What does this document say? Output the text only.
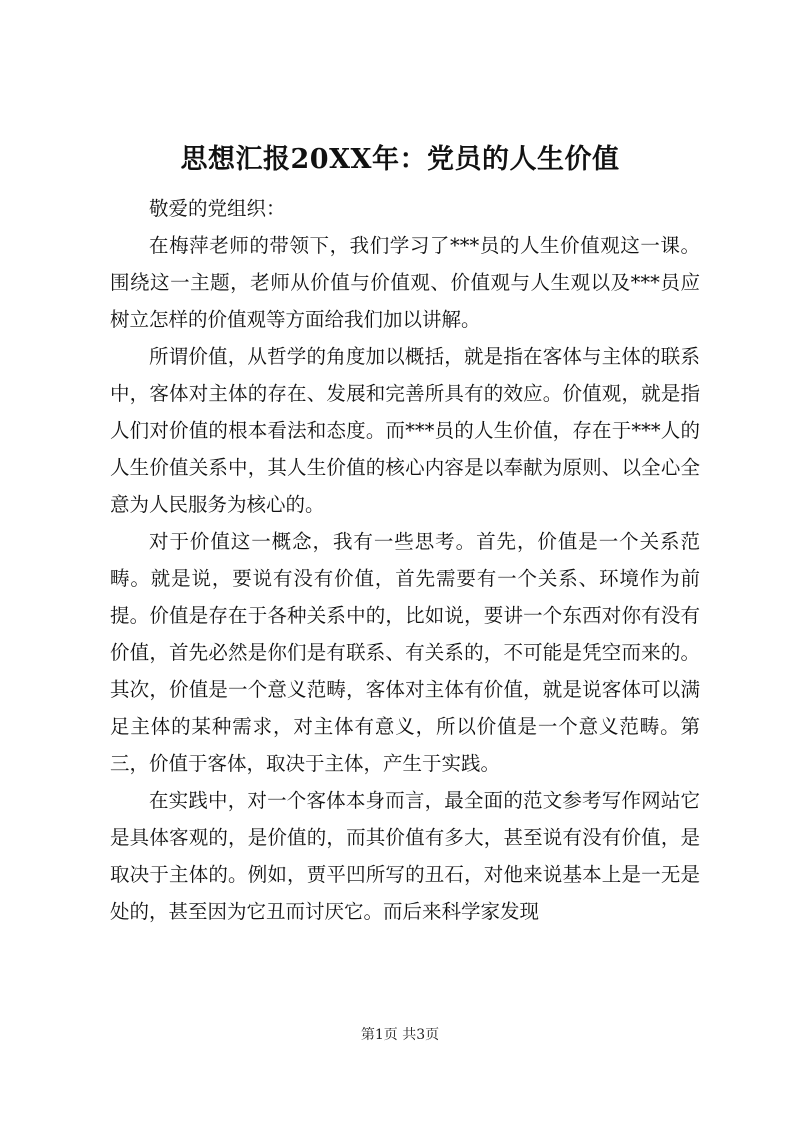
思想汇报20XX年：党员的人生价值

敬爱的党组织：

在梅萍老师的带领下，我们学习了***员的人生价值观这一课。围绕这一主题，老师从价值与价值观、价值观与人生观以及***员应树立怎样的价值观等方面给我们加以讲解。

所谓价值，从哲学的角度加以概括，就是指在客体与主体的联系中，客体对主体的存在、发展和完善所具有的效应。价值观，就是指人们对价值的根本看法和态度。而***员的人生价值，存在于***人的人生价值关系中，其人生价值的核心内容是以奉献为原则、以全心全意为人民服务为核心的。

对于价值这一概念，我有一些思考。首先，价值是一个关系范畴。就是说，要说有没有价值，首先需要有一个关系、环境作为前提。价值是存在于各种关系中的，比如说，要讲一个东西对你有没有价值，首先必然是你们是有联系、有关系的，不可能是凭空而来的。其次，价值是一个意义范畴，客体对主体有价值，就是说客体可以满足主体的某种需求，对主体有意义，所以价值是一个意义范畴。第三，价值于客体，取决于主体，产生于实践。

在实践中，对一个客体本身而言，最全面的范文参考写作网站它是具体客观的，是价值的，而其价值有多大，甚至说有没有价值，是取决于主体的。例如，贾平凹所写的丑石，对他来说基本上是一无是处的，甚至因为它丑而讨厌它。而后来科学家发现

第1页 共3页
